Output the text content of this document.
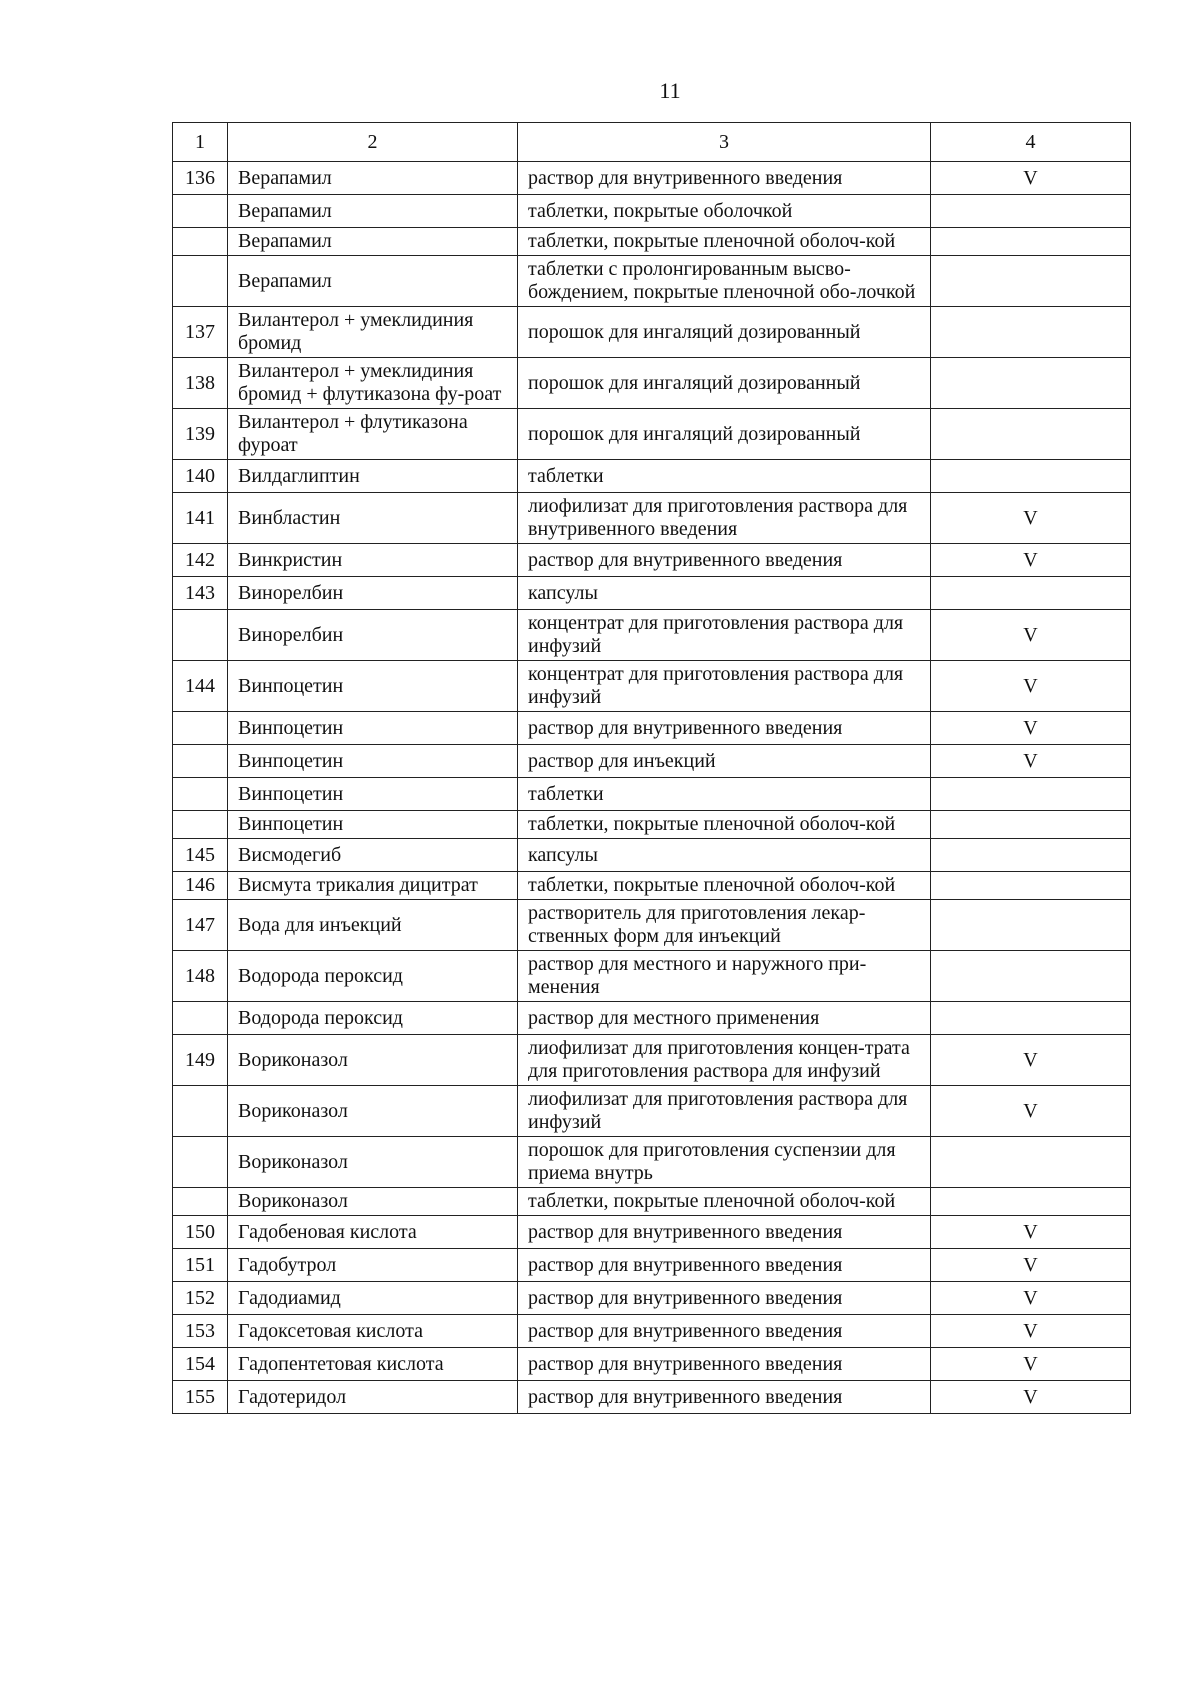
11
1	2	3	4
136	Верапамил	раствор для внутривенного введения	V
	Верапамил	таблетки, покрытые оболочкой	
	Верапамил	таблетки, покрытые пленочной оболоч-кой	
	Верапамил	таблетки с пролонгированным высво-бождением, покрытые пленочной обо-лочкой	
137	Вилантерол + умеклидиния бромид	порошок для ингаляций дозированный	
138	Вилантерол + умеклидиния бромид + флутиказона фу-роат	порошок для ингаляций дозированный	
139	Вилантерол + флутиказона фуроат	порошок для ингаляций дозированный	
140	Вилдаглиптин	таблетки	
141	Винбластин	лиофилизат для приготовления раствора для внутривенного введения	V
142	Винкристин	раствор для внутривенного введения	V
143	Винорелбин	капсулы	
	Винорелбин	концентрат для приготовления раствора для инфузий	V
144	Винпоцетин	концентрат для приготовления раствора для инфузий	V
	Винпоцетин	раствор для внутривенного введения	V
	Винпоцетин	раствор для инъекций	V
	Винпоцетин	таблетки	
	Винпоцетин	таблетки, покрытые пленочной оболоч-кой	
145	Висмодегиб	капсулы	
146	Висмута трикалия дицитрат	таблетки, покрытые пленочной оболоч-кой	
147	Вода для инъекций	растворитель для приготовления лекар-ственных форм для инъекций	
148	Водорода пероксид	раствор для местного и наружного при-менения	
	Водорода пероксид	раствор для местного применения	
149	Вориконазол	лиофилизат для приготовления концен-трата для приготовления раствора для инфузий	V
	Вориконазол	лиофилизат для приготовления раствора для инфузий	V
	Вориконазол	порошок для приготовления суспензии для приема внутрь	
	Вориконазол	таблетки, покрытые пленочной оболоч-кой	
150	Гадобеновая кислота	раствор для внутривенного введения	V
151	Гадобутрол	раствор для внутривенного введения	V
152	Гадодиамид	раствор для внутривенного введения	V
153	Гадоксетовая кислота	раствор для внутривенного введения	V
154	Гадопентетовая кислота	раствор для внутривенного введения	V
155	Гадотеридол	раствор для внутривенного введения	V
